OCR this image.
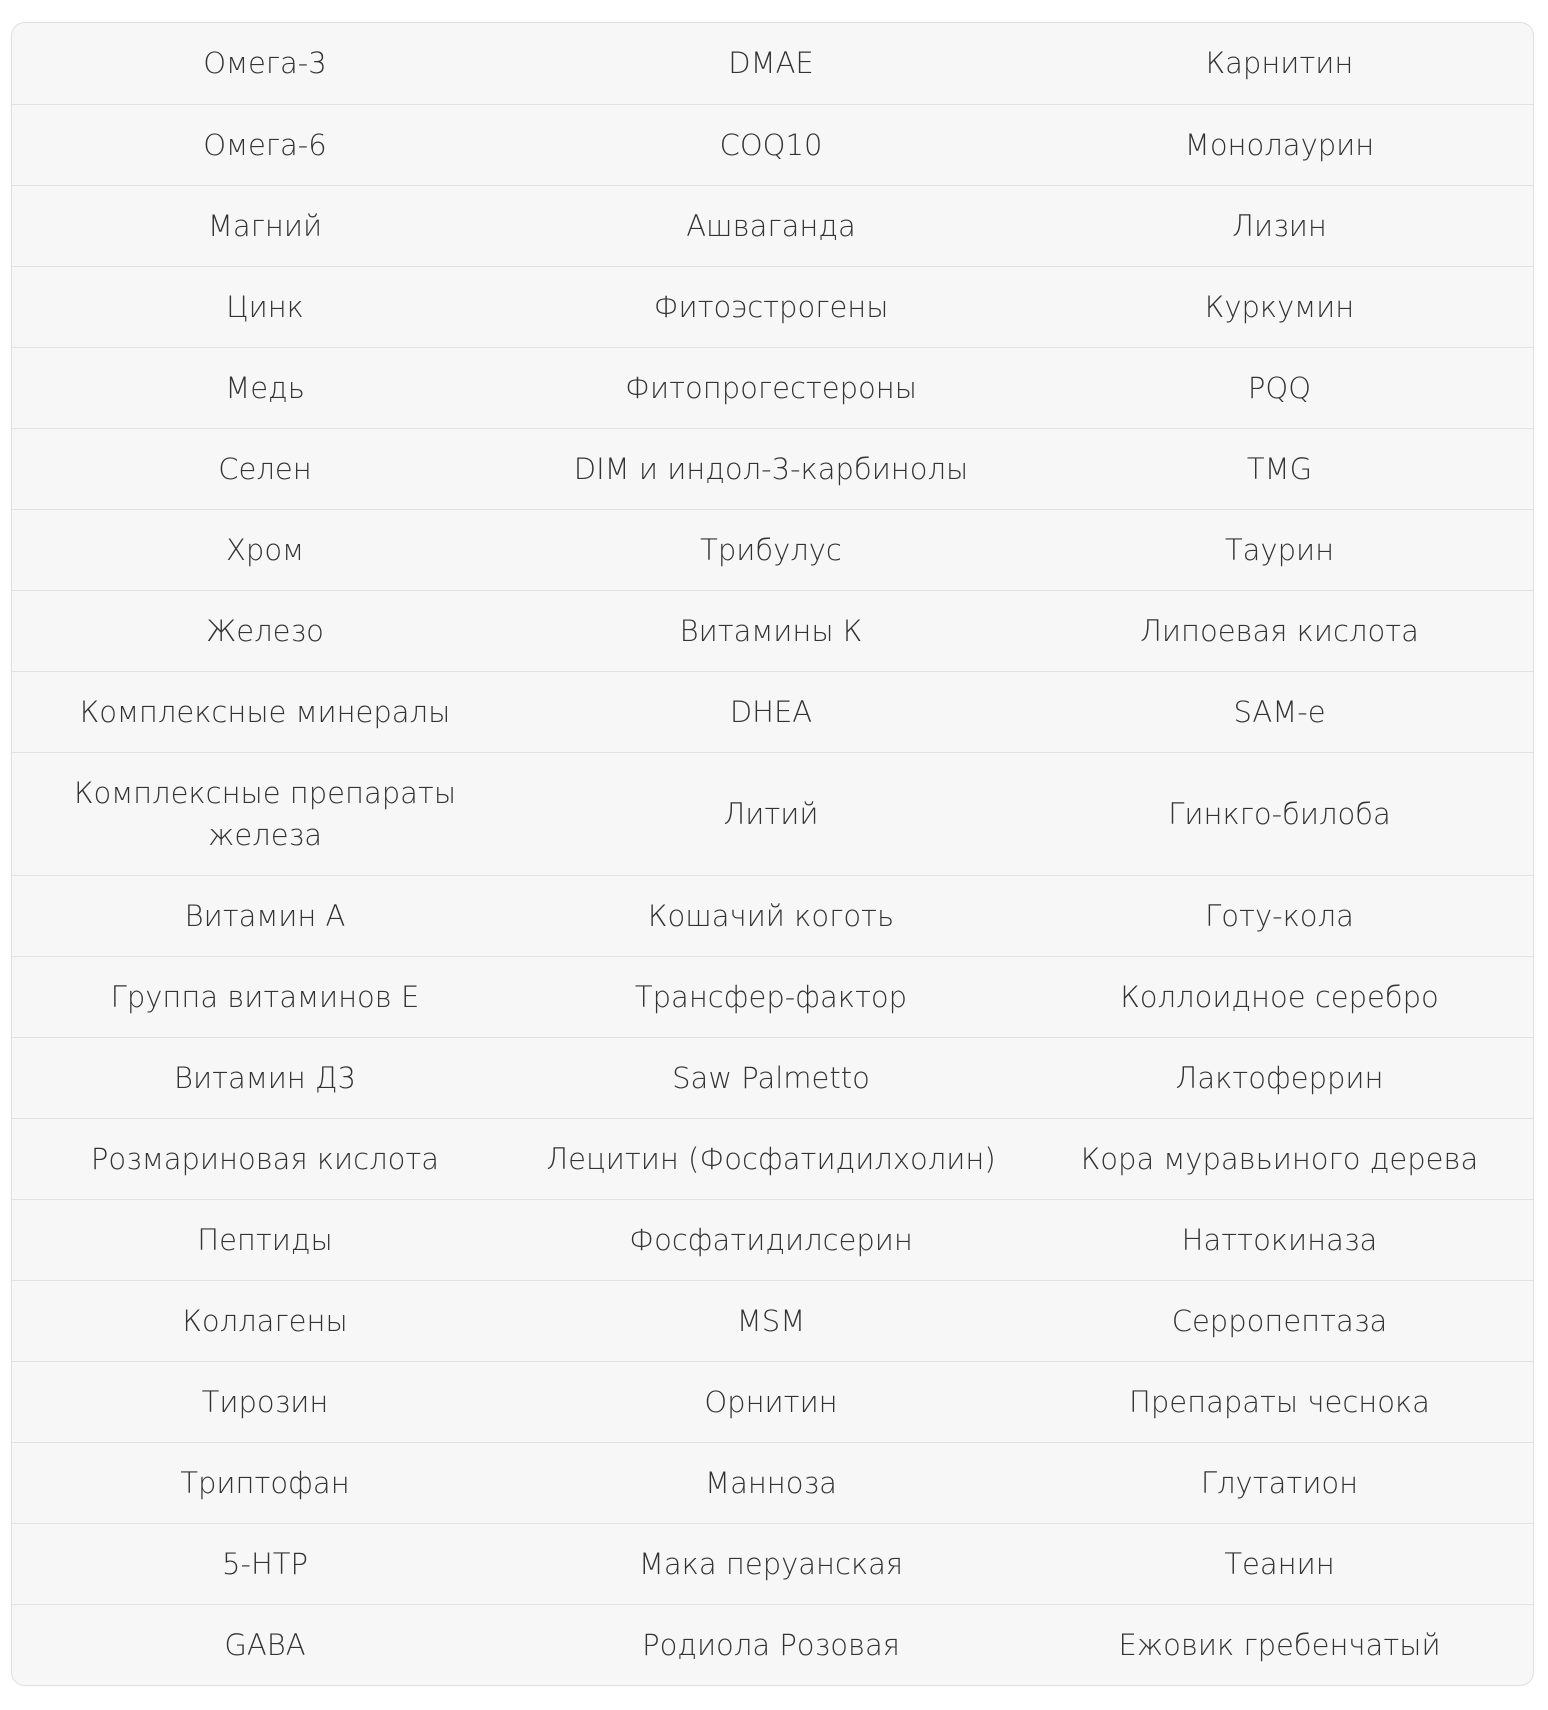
Омега-3	DMAE	Карнитин
Омега-6	COQ10	Монолаурин
Магний	Ашваганда	Лизин
Цинк	Фитоэстрогены	Куркумин
Медь	Фитопрогестероны	PQQ
Селен	DIM и индол-3-карбинолы	TMG
Хром	Трибулус	Таурин
Железо	Витамины К	Липоевая кислота
Комплексные минералы	DHEA	SAM-е
Комплексные препараты железа	Литий	Гинкго-билоба
Витамин А	Кошачий коготь	Готу-кола
Группа витаминов Е	Трансфер-фактор	Коллоидное серебро
Витамин Д3	Saw Palmetto	Лактоферрин
Розмариновая кислота	Лецитин (Фосфатидилхолин)	Кора муравьиного дерева
Пептиды	Фосфатидилсерин	Наттокиназа
Коллагены	MSM	Серропептаза
Тирозин	Орнитин	Препараты чеснока
Триптофан	Манноза	Глутатион
5-HTP	Мака перуанская	Теанин
GABA	Родиола Розовая	Ежовик гребенчатый
